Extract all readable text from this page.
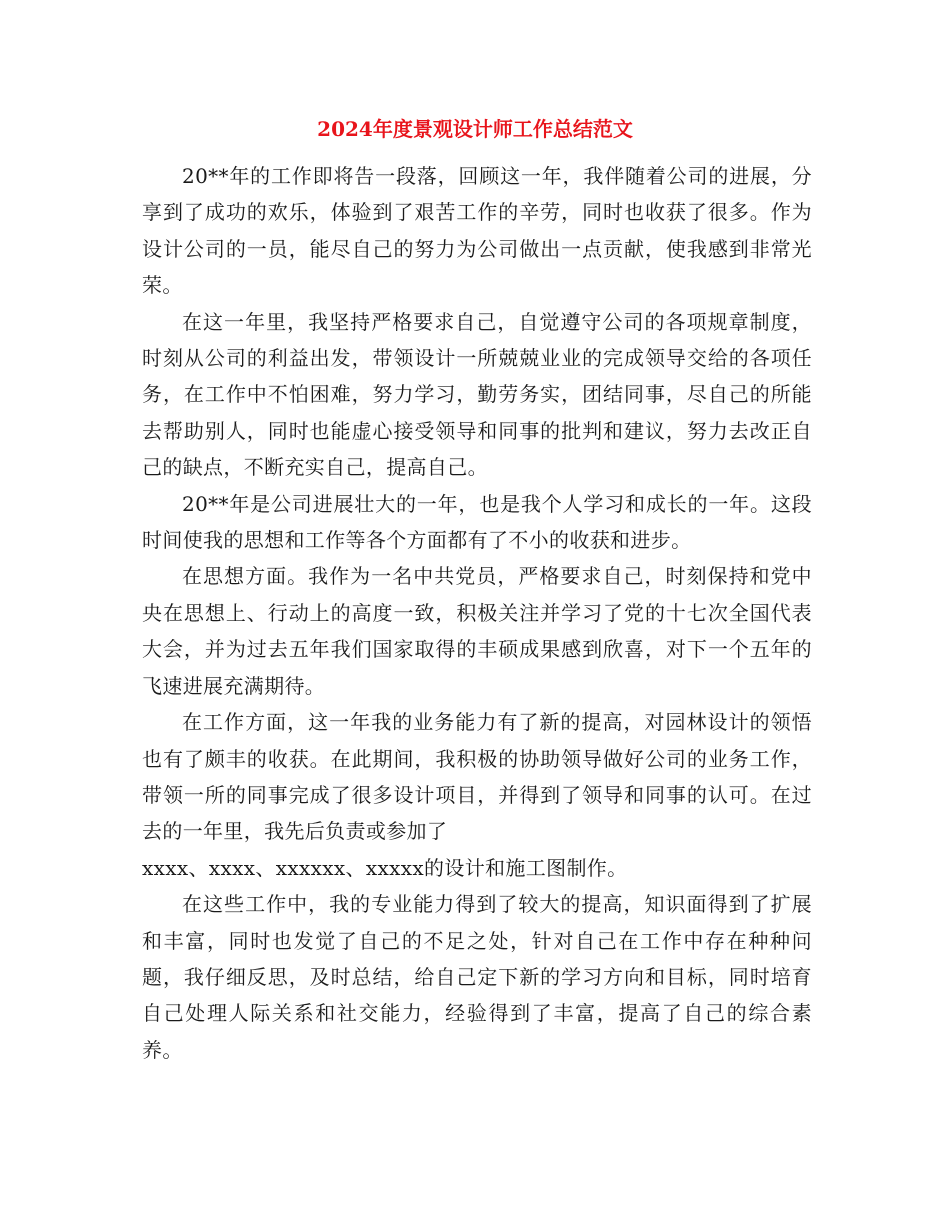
2024年度景观设计师工作总结范文

20**年的工作即将告一段落，回顾这一年，我伴随着公司的进展，分享到了成功的欢乐，体验到了艰苦工作的辛劳，同时也收获了很多。作为设计公司的一员，能尽自己的努力为公司做出一点贡献，使我感到非常光荣。

在这一年里，我坚持严格要求自己，自觉遵守公司的各项规章制度，时刻从公司的利益出发，带领设计一所兢兢业业的完成领导交给的各项任务，在工作中不怕困难，努力学习，勤劳务实，团结同事，尽自己的所能去帮助别人，同时也能虚心接受领导和同事的批判和建议，努力去改正自己的缺点，不断充实自己，提高自己。

20**年是公司进展壮大的一年，也是我个人学习和成长的一年。这段时间使我的思想和工作等各个方面都有了不小的收获和进步。

在思想方面。我作为一名中共党员，严格要求自己，时刻保持和党中央在思想上、行动上的高度一致，积极关注并学习了党的十七次全国代表大会，并为过去五年我们国家取得的丰硕成果感到欣喜，对下一个五年的飞速进展充满期待。

在工作方面，这一年我的业务能力有了新的提高，对园林设计的领悟也有了颇丰的收获。在此期间，我积极的协助领导做好公司的业务工作，带领一所的同事完成了很多设计项目，并得到了领导和同事的认可。在过去的一年里，我先后负责或参加了

xxxx、xxxx、xxxxxx、xxxxx的设计和施工图制作。

在这些工作中，我的专业能力得到了较大的提高，知识面得到了扩展和丰富，同时也发觉了自己的不足之处，针对自己在工作中存在种种问题，我仔细反思，及时总结，给自己定下新的学习方向和目标，同时培育自己处理人际关系和社交能力，经验得到了丰富，提高了自己的综合素养。
